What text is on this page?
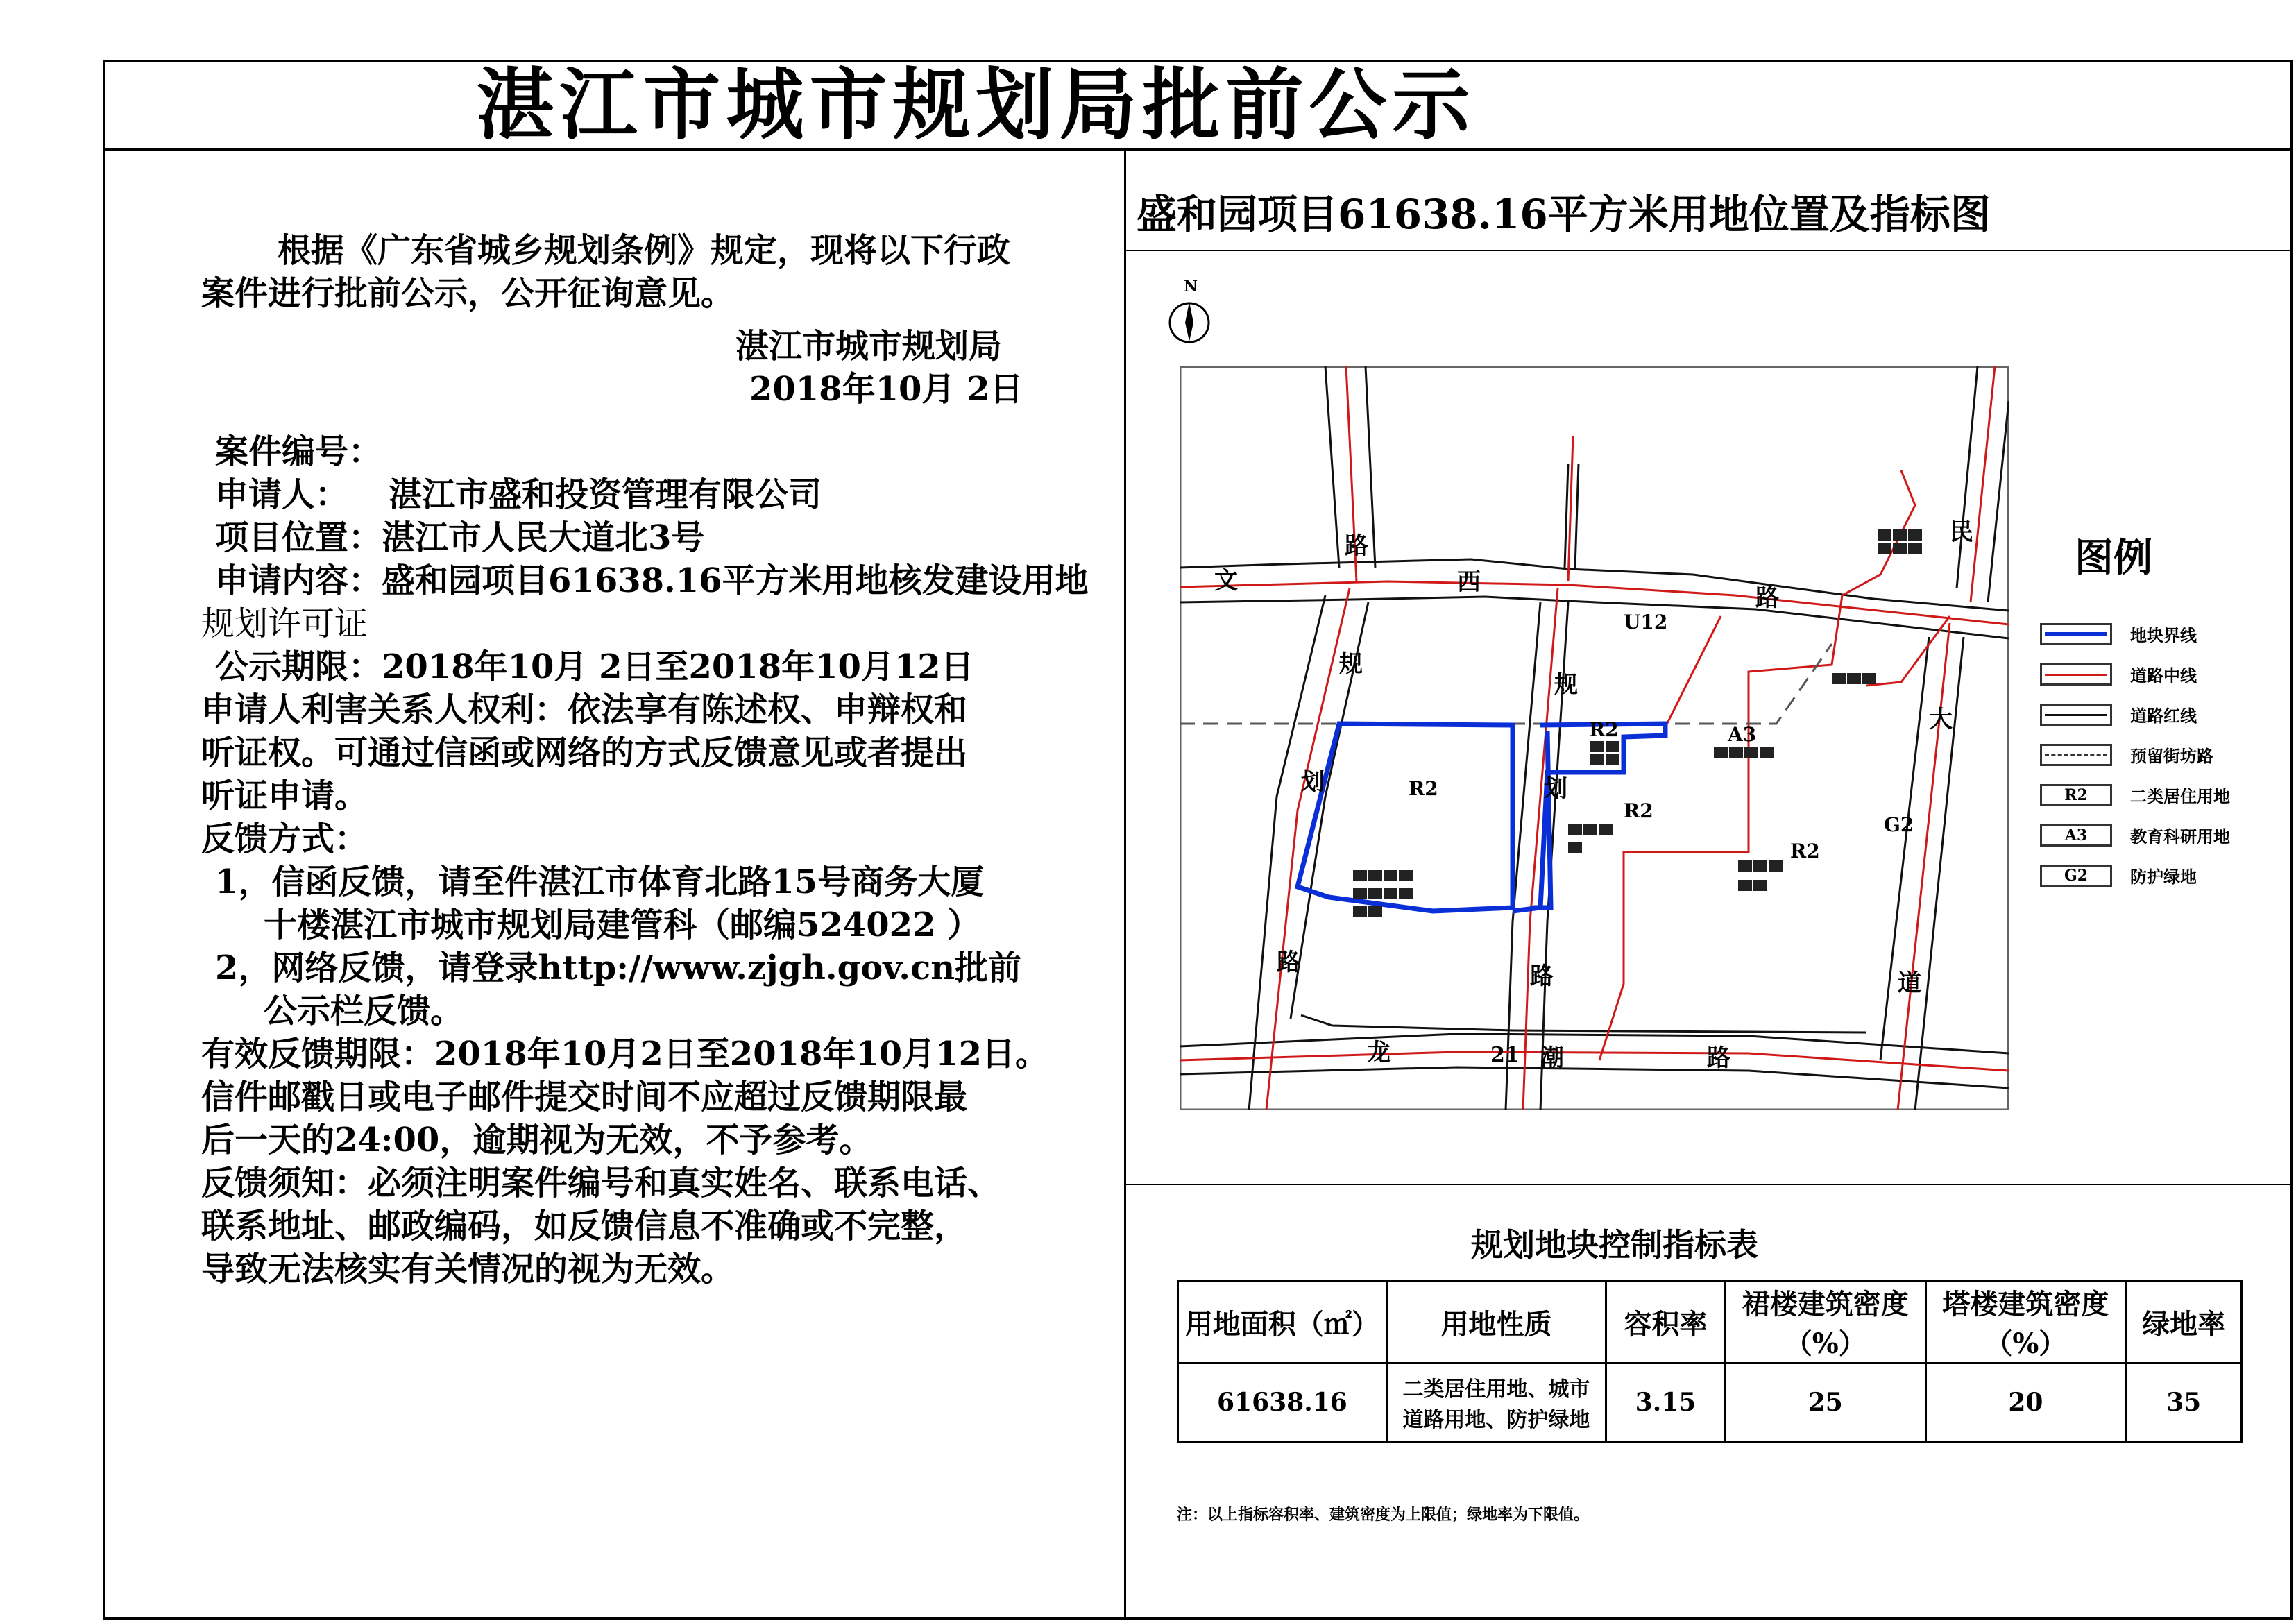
湛江市城市规划局批前公示

根据《广东省城乡规划条例》规定，现将以下行政

案件进行批前公示，公开征询意见。

湛江市城市规划局

2018年10月 2日

案件编号：

申请人： 湛江市盛和投资管理有限公司

项目位置：湛江市人民大道北3号

申请内容：盛和园项目61638.16平方米用地核发建设用地

规划许可证

公示期限：2018年10月 2日至2018年10月12日

申请人利害关系人权利：依法享有陈述权、申辩权和

听证权。可通过信函或网络的方式反馈意见或者提出

听证申请。

反馈方式：

1，信函反馈，请至件湛江市体育北路15号商务大厦

十楼湛江市城市规划局建管科（邮编524022 ）

2，网络反馈，请登录http://www.zjgh.gov.cn批前

公示栏反馈。

有效反馈期限：2018年10月2日至2018年10月12日。

信件邮戳日或电子邮件提交时间不应超过反馈期限最

后一天的24:00，逾期视为无效，不予参考。

反馈须知：必须注明案件编号和真实姓名、联系电话、

联系地址、邮政编码，如反馈信息不准确或不完整，

导致无法核实有关情况的视为无效。

盛和园项目61638.16平方米用地位置及指标图
N
文	西
路
路
规
划
路
规
划
路
民
大
道
龙	潮	路
U12
R2
R2
R2
R2
A3
G2
21
图例
地块界线
道路中线
道路红线
预留街坊路
R2	二类居住用地
A3	教育科研用地
G2	防护绿地
规划地块控制指标表
用地面积（㎡）	用地性质	容积率	裙楼建筑密度（%）	塔楼建筑密度（%）	绿地率
61638.16	二类居住用地、城市道路用地、防护绿地	3.15	25	20	35
注：以上指标容积率、建筑密度为上限值；绿地率为下限值。
